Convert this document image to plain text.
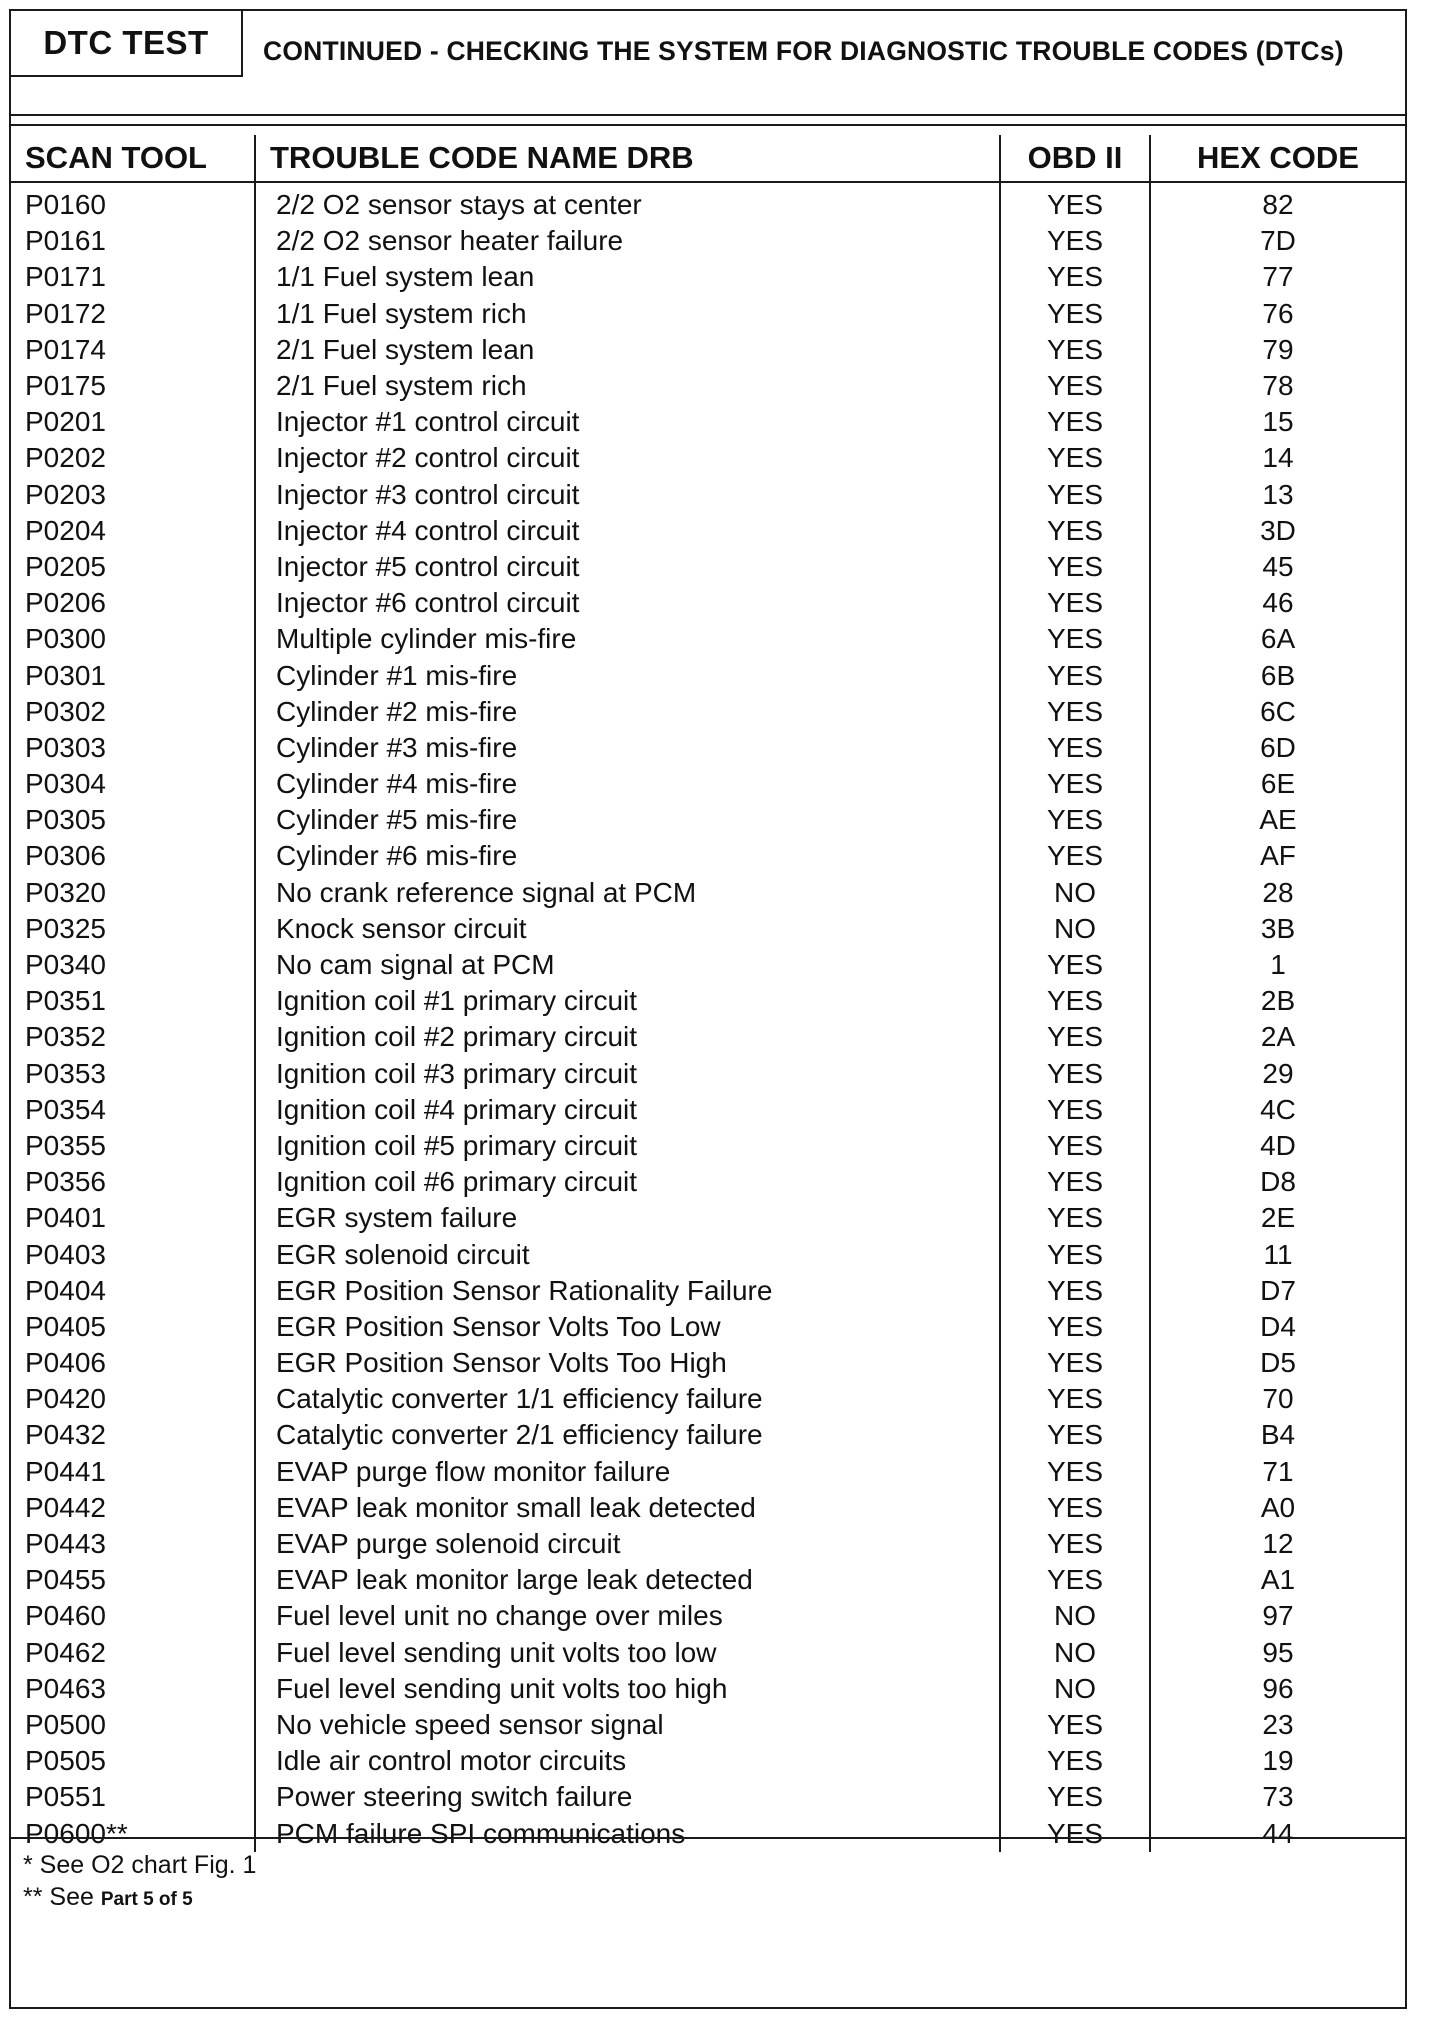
DTC TEST	CONTINUED - CHECKING THE SYSTEM FOR DIAGNOSTIC TROUBLE CODES (DTCs)
SCAN TOOL	TROUBLE CODE NAME DRB	OBD II	HEX CODE
P0160	2/2 O2 sensor stays at center	YES	82
P0161	2/2 O2 sensor heater failure	YES	7D
P0171	1/1 Fuel system lean	YES	77
P0172	1/1 Fuel system rich	YES	76
P0174	2/1 Fuel system lean	YES	79
P0175	2/1 Fuel system rich	YES	78
P0201	Injector #1 control circuit	YES	15
P0202	Injector #2 control circuit	YES	14
P0203	Injector #3 control circuit	YES	13
P0204	Injector #4 control circuit	YES	3D
P0205	Injector #5 control circuit	YES	45
P0206	Injector #6 control circuit	YES	46
P0300	Multiple cylinder mis-fire	YES	6A
P0301	Cylinder #1 mis-fire	YES	6B
P0302	Cylinder #2 mis-fire	YES	6C
P0303	Cylinder #3 mis-fire	YES	6D
P0304	Cylinder #4 mis-fire	YES	6E
P0305	Cylinder #5 mis-fire	YES	AE
P0306	Cylinder #6 mis-fire	YES	AF
P0320	No crank reference signal at PCM	NO	28
P0325	Knock sensor circuit	NO	3B
P0340	No cam signal at PCM	YES	1
P0351	Ignition coil #1 primary circuit	YES	2B
P0352	Ignition coil #2 primary circuit	YES	2A
P0353	Ignition coil #3 primary circuit	YES	29
P0354	Ignition coil #4 primary circuit	YES	4C
P0355	Ignition coil #5 primary circuit	YES	4D
P0356	Ignition coil #6 primary circuit	YES	D8
P0401	EGR system failure	YES	2E
P0403	EGR solenoid circuit	YES	11
P0404	EGR Position Sensor Rationality Failure	YES	D7
P0405	EGR Position Sensor Volts Too Low	YES	D4
P0406	EGR Position Sensor Volts Too High	YES	D5
P0420	Catalytic converter 1/1 efficiency failure	YES	70
P0432	Catalytic converter 2/1 efficiency failure	YES	B4
P0441	EVAP purge flow monitor failure	YES	71
P0442	EVAP leak monitor small leak detected	YES	A0
P0443	EVAP purge solenoid circuit	YES	12
P0455	EVAP leak monitor large leak detected	YES	A1
P0460	Fuel level unit no change over miles	NO	97
P0462	Fuel level sending unit volts too low	NO	95
P0463	Fuel level sending unit volts too high	NO	96
P0500	No vehicle speed sensor signal	YES	23
P0505	Idle air control motor circuits	YES	19
P0551	Power steering switch failure	YES	73
P0600**	PCM failure SPI communications	YES	44
* See O2 chart Fig. 1
** See Part 5 of 5
